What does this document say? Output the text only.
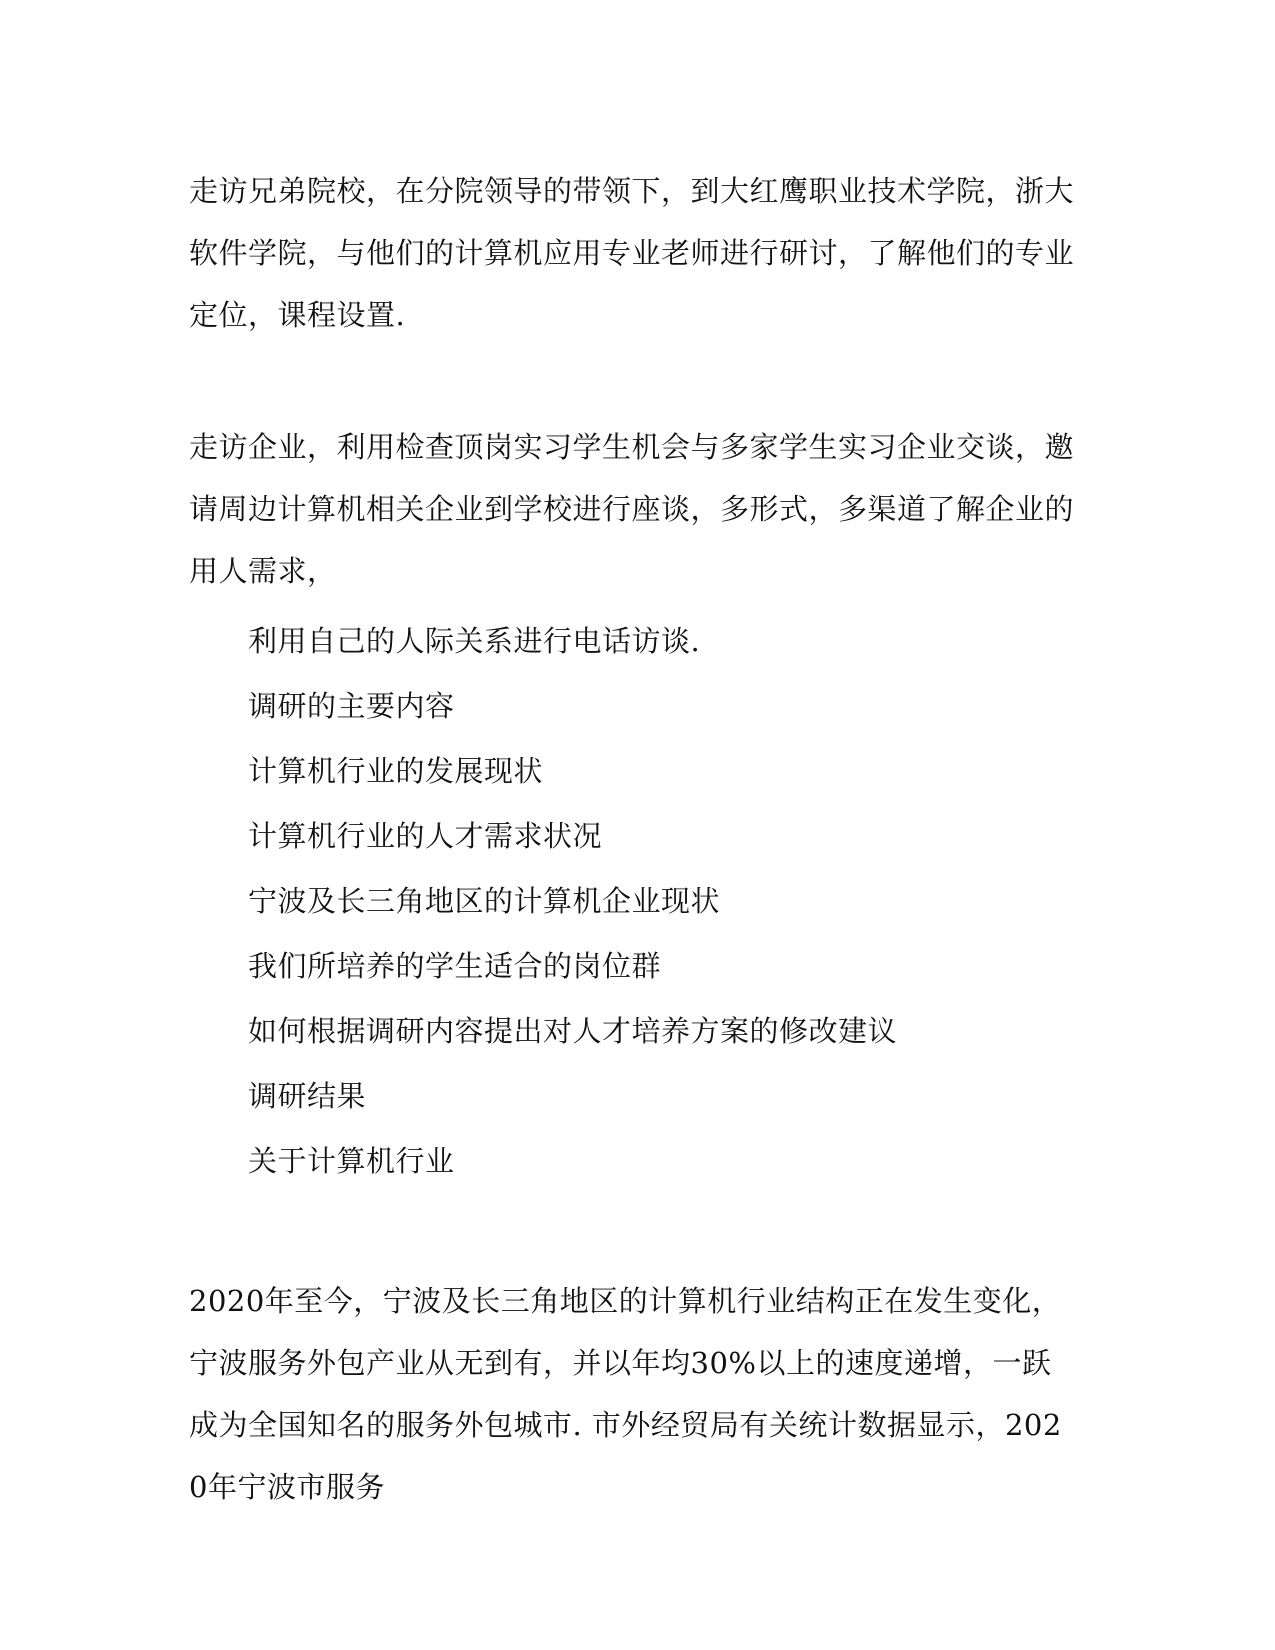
走访兄弟院校，在分院领导的带领下，到大红鹰职业技术学院，浙大软件学院，与他们的计算机应用专业老师进行研讨，了解他们的专业定位，课程设置.

走访企业，利用检查顶岗实习学生机会与多家学生实习企业交谈，邀请周边计算机相关企业到学校进行座谈，多形式，多渠道了解企业的用人需求，

利用自己的人际关系进行电话访谈.

调研的主要内容

计算机行业的发展现状

计算机行业的人才需求状况

宁波及长三角地区的计算机企业现状

我们所培养的学生适合的岗位群

如何根据调研内容提出对人才培养方案的修改建议

调研结果

关于计算机行业

2020年至今，宁波及长三角地区的计算机行业结构正在发生变化，宁波服务外包产业从无到有，并以年均30%以上的速度递增，一跃成为全国知名的服务外包城市. 市外经贸局有关统计数据显示，2020年宁波市服务
